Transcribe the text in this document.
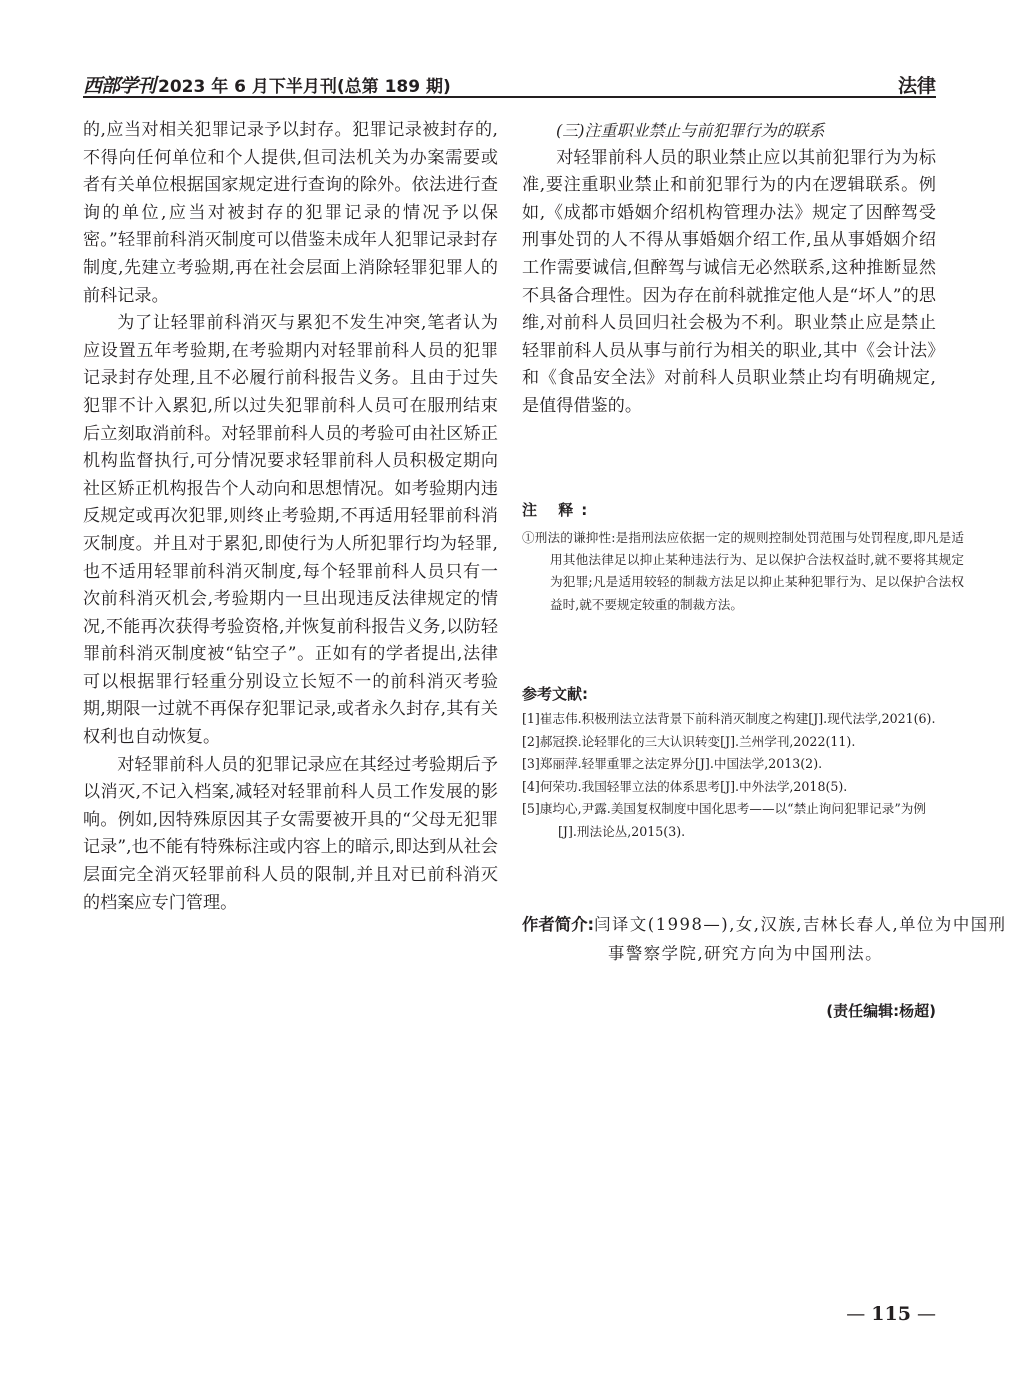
西部学刊 2023 年 6 月下半月刊(总第 189 期)	法律

的,应当对相关犯罪记录予以封存。犯罪记录被封存的,不得向任何单位和个人提供,但司法机关为办案需要或者有关单位根据国家规定进行查询的除外。依法进行查询的单位,应当对被封存的犯罪记录的情况予以保密。”轻罪前科消灭制度可以借鉴未成年人犯罪记录封存制度,先建立考验期,再在社会层面上消除轻罪犯罪人的前科记录。

为了让轻罪前科消灭与累犯不发生冲突,笔者认为应设置五年考验期,在考验期内对轻罪前科人员的犯罪记录封存处理,且不必履行前科报告义务。且由于过失犯罪不计入累犯,所以过失犯罪前科人员可在服刑结束后立刻取消前科。对轻罪前科人员的考验可由社区矫正机构监督执行,可分情况要求轻罪前科人员积极定期向社区矫正机构报告个人动向和思想情况。如考验期内违反规定或再次犯罪,则终止考验期,不再适用轻罪前科消灭制度。并且对于累犯,即使行为人所犯罪行均为轻罪,也不适用轻罪前科消灭制度,每个轻罪前科人员只有一次前科消灭机会,考验期内一旦出现违反法律规定的情况,不能再次获得考验资格,并恢复前科报告义务,以防轻罪前科消灭制度被“钻空子”。正如有的学者提出,法律可以根据罪行轻重分别设立长短不一的前科消灭考验期,期限一过就不再保存犯罪记录,或者永久封存,其有关权利也自动恢复。

对轻罪前科人员的犯罪记录应在其经过考验期后予以消灭,不记入档案,减轻对轻罪前科人员工作发展的影响。例如,因特殊原因其子女需要被开具的“父母无犯罪记录”,也不能有特殊标注或内容上的暗示,即达到从社会层面完全消灭轻罪前科人员的限制,并且对已前科消灭的档案应专门管理。

(三)注重职业禁止与前犯罪行为的联系

对轻罪前科人员的职业禁止应以其前犯罪行为为标准,要注重职业禁止和前犯罪行为的内在逻辑联系。例如,《成都市婚姻介绍机构管理办法》规定了因醉驾受刑事处罚的人不得从事婚姻介绍工作,虽从事婚姻介绍工作需要诚信,但醉驾与诚信无必然联系,这种推断显然不具备合理性。因为存在前科就推定他人是“坏人”的思维,对前科人员回归社会极为不利。职业禁止应是禁止轻罪前科人员从事与前行为相关的职业,其中《会计法》和《食品安全法》对前科人员职业禁止均有明确规定,是值得借鉴的。

注 释:

①刑法的谦抑性:是指刑法应依据一定的规则控制处罚范围与处罚程度,即凡是适用其他法律足以抑止某种违法行为、足以保护合法权益时,就不要将其规定为犯罪;凡是适用较轻的制裁方法足以抑止某种犯罪行为、足以保护合法权益时,就不要规定较重的制裁方法。

参考文献:

[1]崔志伟.积极刑法立法背景下前科消灭制度之构建[J].现代法学,2021(6).
[2]郝冠揆.论轻罪化的三大认识转变[J].兰州学刊,2022(11).
[3]郑丽萍.轻罪重罪之法定界分[J].中国法学,2013(2).
[4]何荣功.我国轻罪立法的体系思考[J].中外法学,2018(5).
[5]康均心,尹露.美国复权制度中国化思考——以“禁止询问犯罪记录”为例[J].刑法论丛,2015(3).

作者简介:闫译文(1998—),女,汉族,吉林长春人,单位为中国刑事警察学院,研究方向为中国刑法。

(责任编辑:杨超)

— 115 —
